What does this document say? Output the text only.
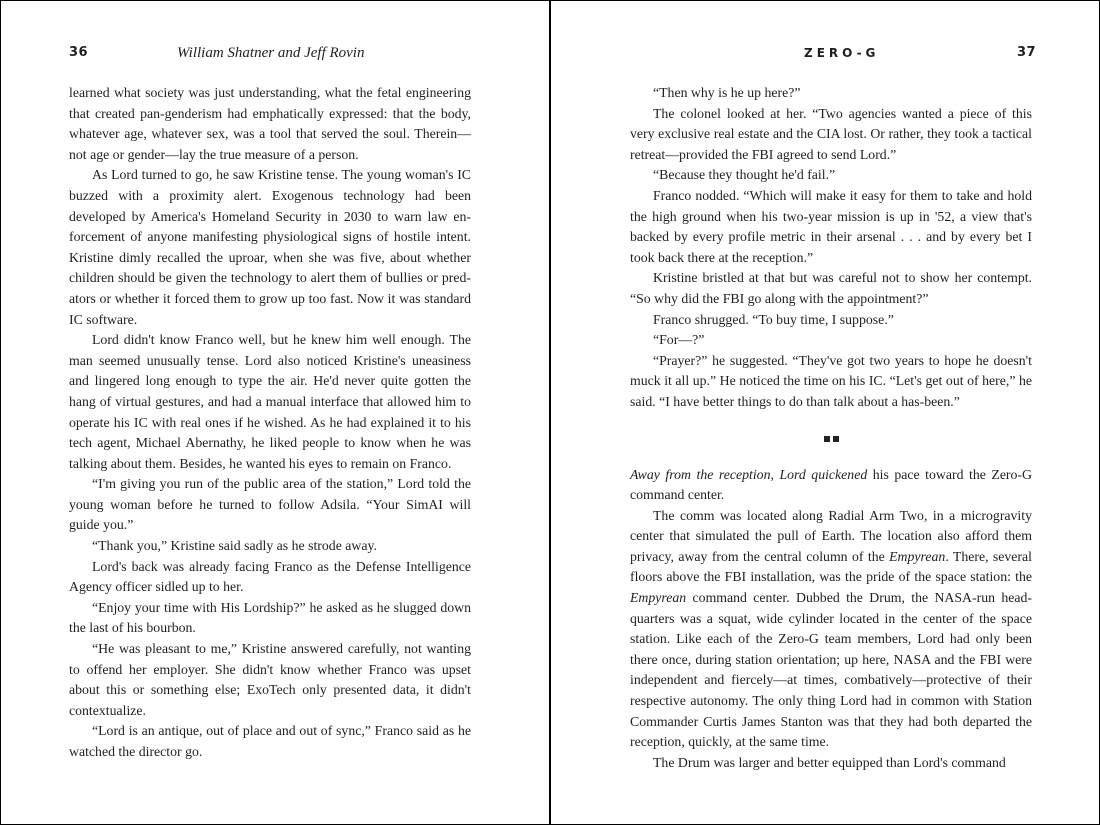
36	William Shatner and Jeff Rovin

learned what society was just understanding, what the fetal engineering that created pan-genderism had emphatically expressed: that the body, whatever age, whatever sex, was a tool that served the soul. Therein— not age or gender—lay the true measure of a person.

As Lord turned to go, he saw Kristine tense. The young woman's IC buzzed with a proximity alert. Exogenous technology had been developed by America's Homeland Security in 2030 to warn law en-forcement of anyone manifesting physiological signs of hostile intent. Kristine dimly recalled the uproar, when she was five, about whether children should be given the technology to alert them of bullies or pred-ators or whether it forced them to grow up too fast. Now it was standard IC software.

Lord didn't know Franco well, but he knew him well enough. The man seemed unusually tense. Lord also noticed Kristine's uneasiness and lingered long enough to type the air. He'd never quite gotten the hang of virtual gestures, and had a manual interface that allowed him to operate his IC with real ones if he wished. As he had explained it to his tech agent, Michael Abernathy, he liked people to know when he was talking about them. Besides, he wanted his eyes to remain on Franco.

“I'm giving you run of the public area of the station,” Lord told the young woman before he turned to follow Adsila. “Your SimAI will guide you.”

“Thank you,” Kristine said sadly as he strode away.

Lord's back was already facing Franco as the Defense Intelligence Agency officer sidled up to her.

“Enjoy your time with His Lordship?” he asked as he slugged down the last of his bourbon.

“He was pleasant to me,” Kristine answered carefully, not wanting to offend her employer. She didn't know whether Franco was upset about this or something else; ExoTech only presented data, it didn't contextualize.

“Lord is an antique, out of place and out of sync,” Franco said as he watched the director go.

ZERO-G	37

“Then why is he up here?”

The colonel looked at her. “Two agencies wanted a piece of this very exclusive real estate and the CIA lost. Or rather, they took a tactical retreat—provided the FBI agreed to send Lord.”

“Because they thought he'd fail.”

Franco nodded. “Which will make it easy for them to take and hold the high ground when his two-year mission is up in '52, a view that's backed by every profile metric in their arsenal . . . and by every bet I took back there at the reception.”

Kristine bristled at that but was careful not to show her contempt. “So why did the FBI go along with the appointment?”

Franco shrugged. “To buy time, I suppose.”

“For—?”

“Prayer?” he suggested. “They've got two years to hope he doesn't muck it all up.” He noticed the time on his IC. “Let's get out of here,” he said. “I have better things to do than talk about a has-been.”

Away from the reception, Lord quickened his pace toward the Zero-G command center.

The comm was located along Radial Arm Two, in a microgravity center that simulated the pull of Earth. The location also afford them privacy, away from the central column of the Empyrean. There, several floors above the FBI installation, was the pride of the space station: the Empyrean command center. Dubbed the Drum, the NASA-run head-quarters was a squat, wide cylinder located in the center of the space station. Like each of the Zero-G team members, Lord had only been there once, during station orientation; up here, NASA and the FBI were independent and fiercely—at times, combatively—protective of their respective autonomy. The only thing Lord had in common with Station Commander Curtis James Stanton was that they had both departed the reception, quickly, at the same time.

The Drum was larger and better equipped than Lord's command
